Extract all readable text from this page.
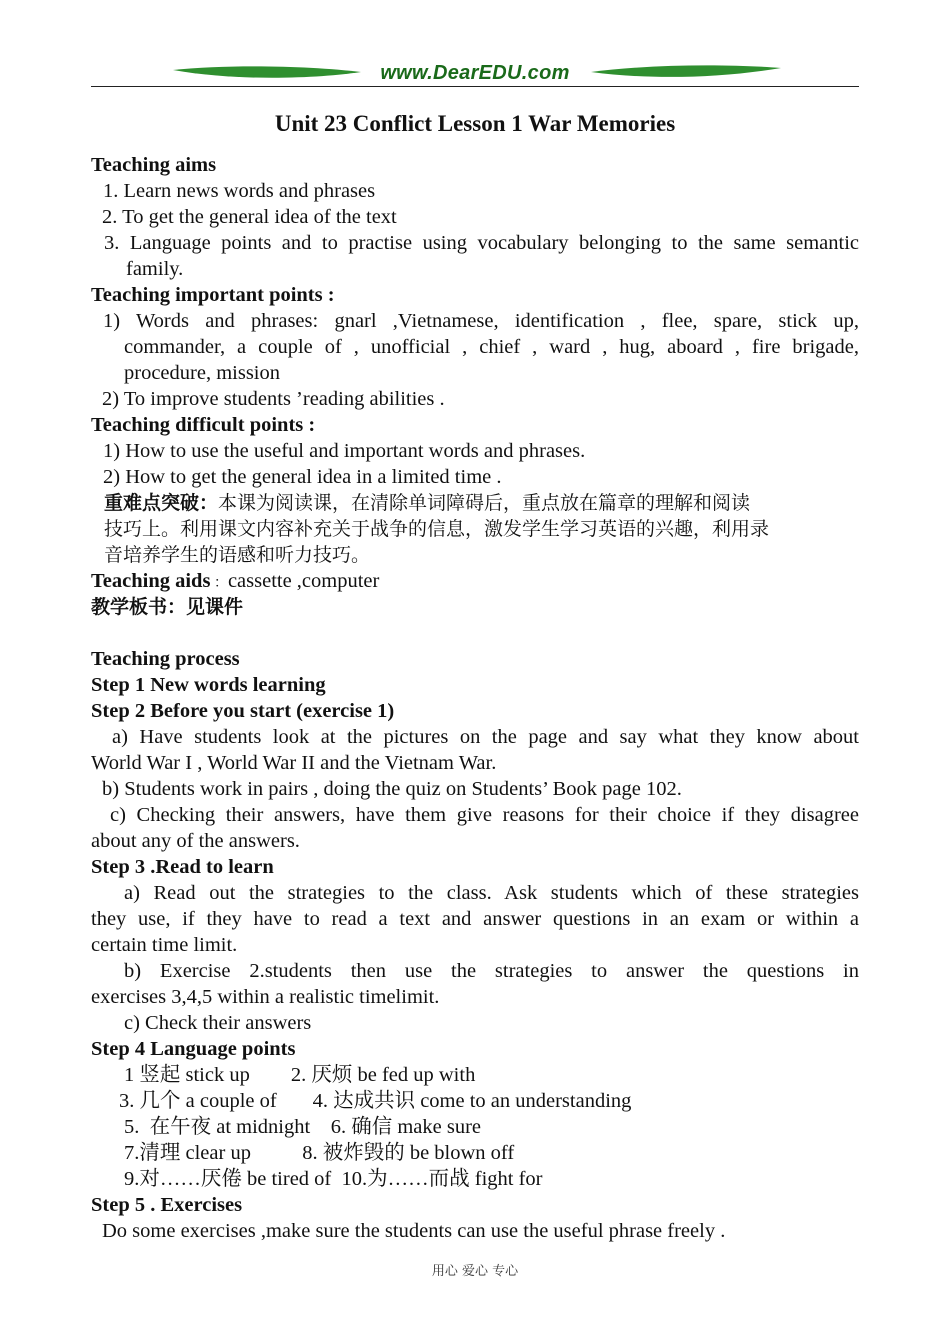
www.DearEDU.com
Unit 23 Conflict Lesson 1 War Memories
Teaching aims
1. Learn news words and phrases
2. To get the general idea of the text
3. Language points and to practise using vocabulary belonging to the same semantic
family.
Teaching important points :
1) Words and phrases: gnarl ,Vietnamese, identification , flee, spare, stick up,
commander, a couple of , unofficial , chief , ward , hug, aboard , fire brigade,
procedure, mission
2) To improve students ’reading abilities .
Teaching difficult points :
1) How to use the useful and important words and phrases.
2) How to get the general idea in a limited time .
重难点突破：本课为阅读课，在清除单词障碍后，重点放在篇章的理解和阅读
技巧上。利用课文内容补充关于战争的信息，激发学生学习英语的兴趣，利用录
音培养学生的语感和听力技巧。
Teaching aids ：cassette ,computer
教学板书：见课件
Teaching process
Step 1 New words learning
Step 2 Before you start (exercise 1)
a) Have students look at the pictures on the page and say what they know about
World War I , World War II and the Vietnam War.
b) Students work in pairs , doing the quiz on Students’ Book page 102.
c) Checking their answers, have them give reasons for their choice if they disagree
about any of the answers.
Step 3 .Read to learn
a) Read out the strategies to the class. Ask students which of these strategies
they use, if they have to read a text and answer questions in an exam or within a
certain time limit.
b) Exercise 2.students then use the strategies to answer the questions in
exercises 3,4,5 within a realistic timelimit.
c) Check their answers
Step 4 Language points
1 竖起 stick up        2. 厌烦 be fed up with
3. 几个 a couple of       4. 达成共识 come to an understanding
5.  在午夜 at midnight    6. 确信 make sure
7.清理 clear up          8. 被炸毁的 be blown off
9.对……厌倦 be tired of  10.为……而战 fight for
Step 5 . Exercises
Do some exercises ,make sure the students can use the useful phrase freely .
用心 爱心 专心
